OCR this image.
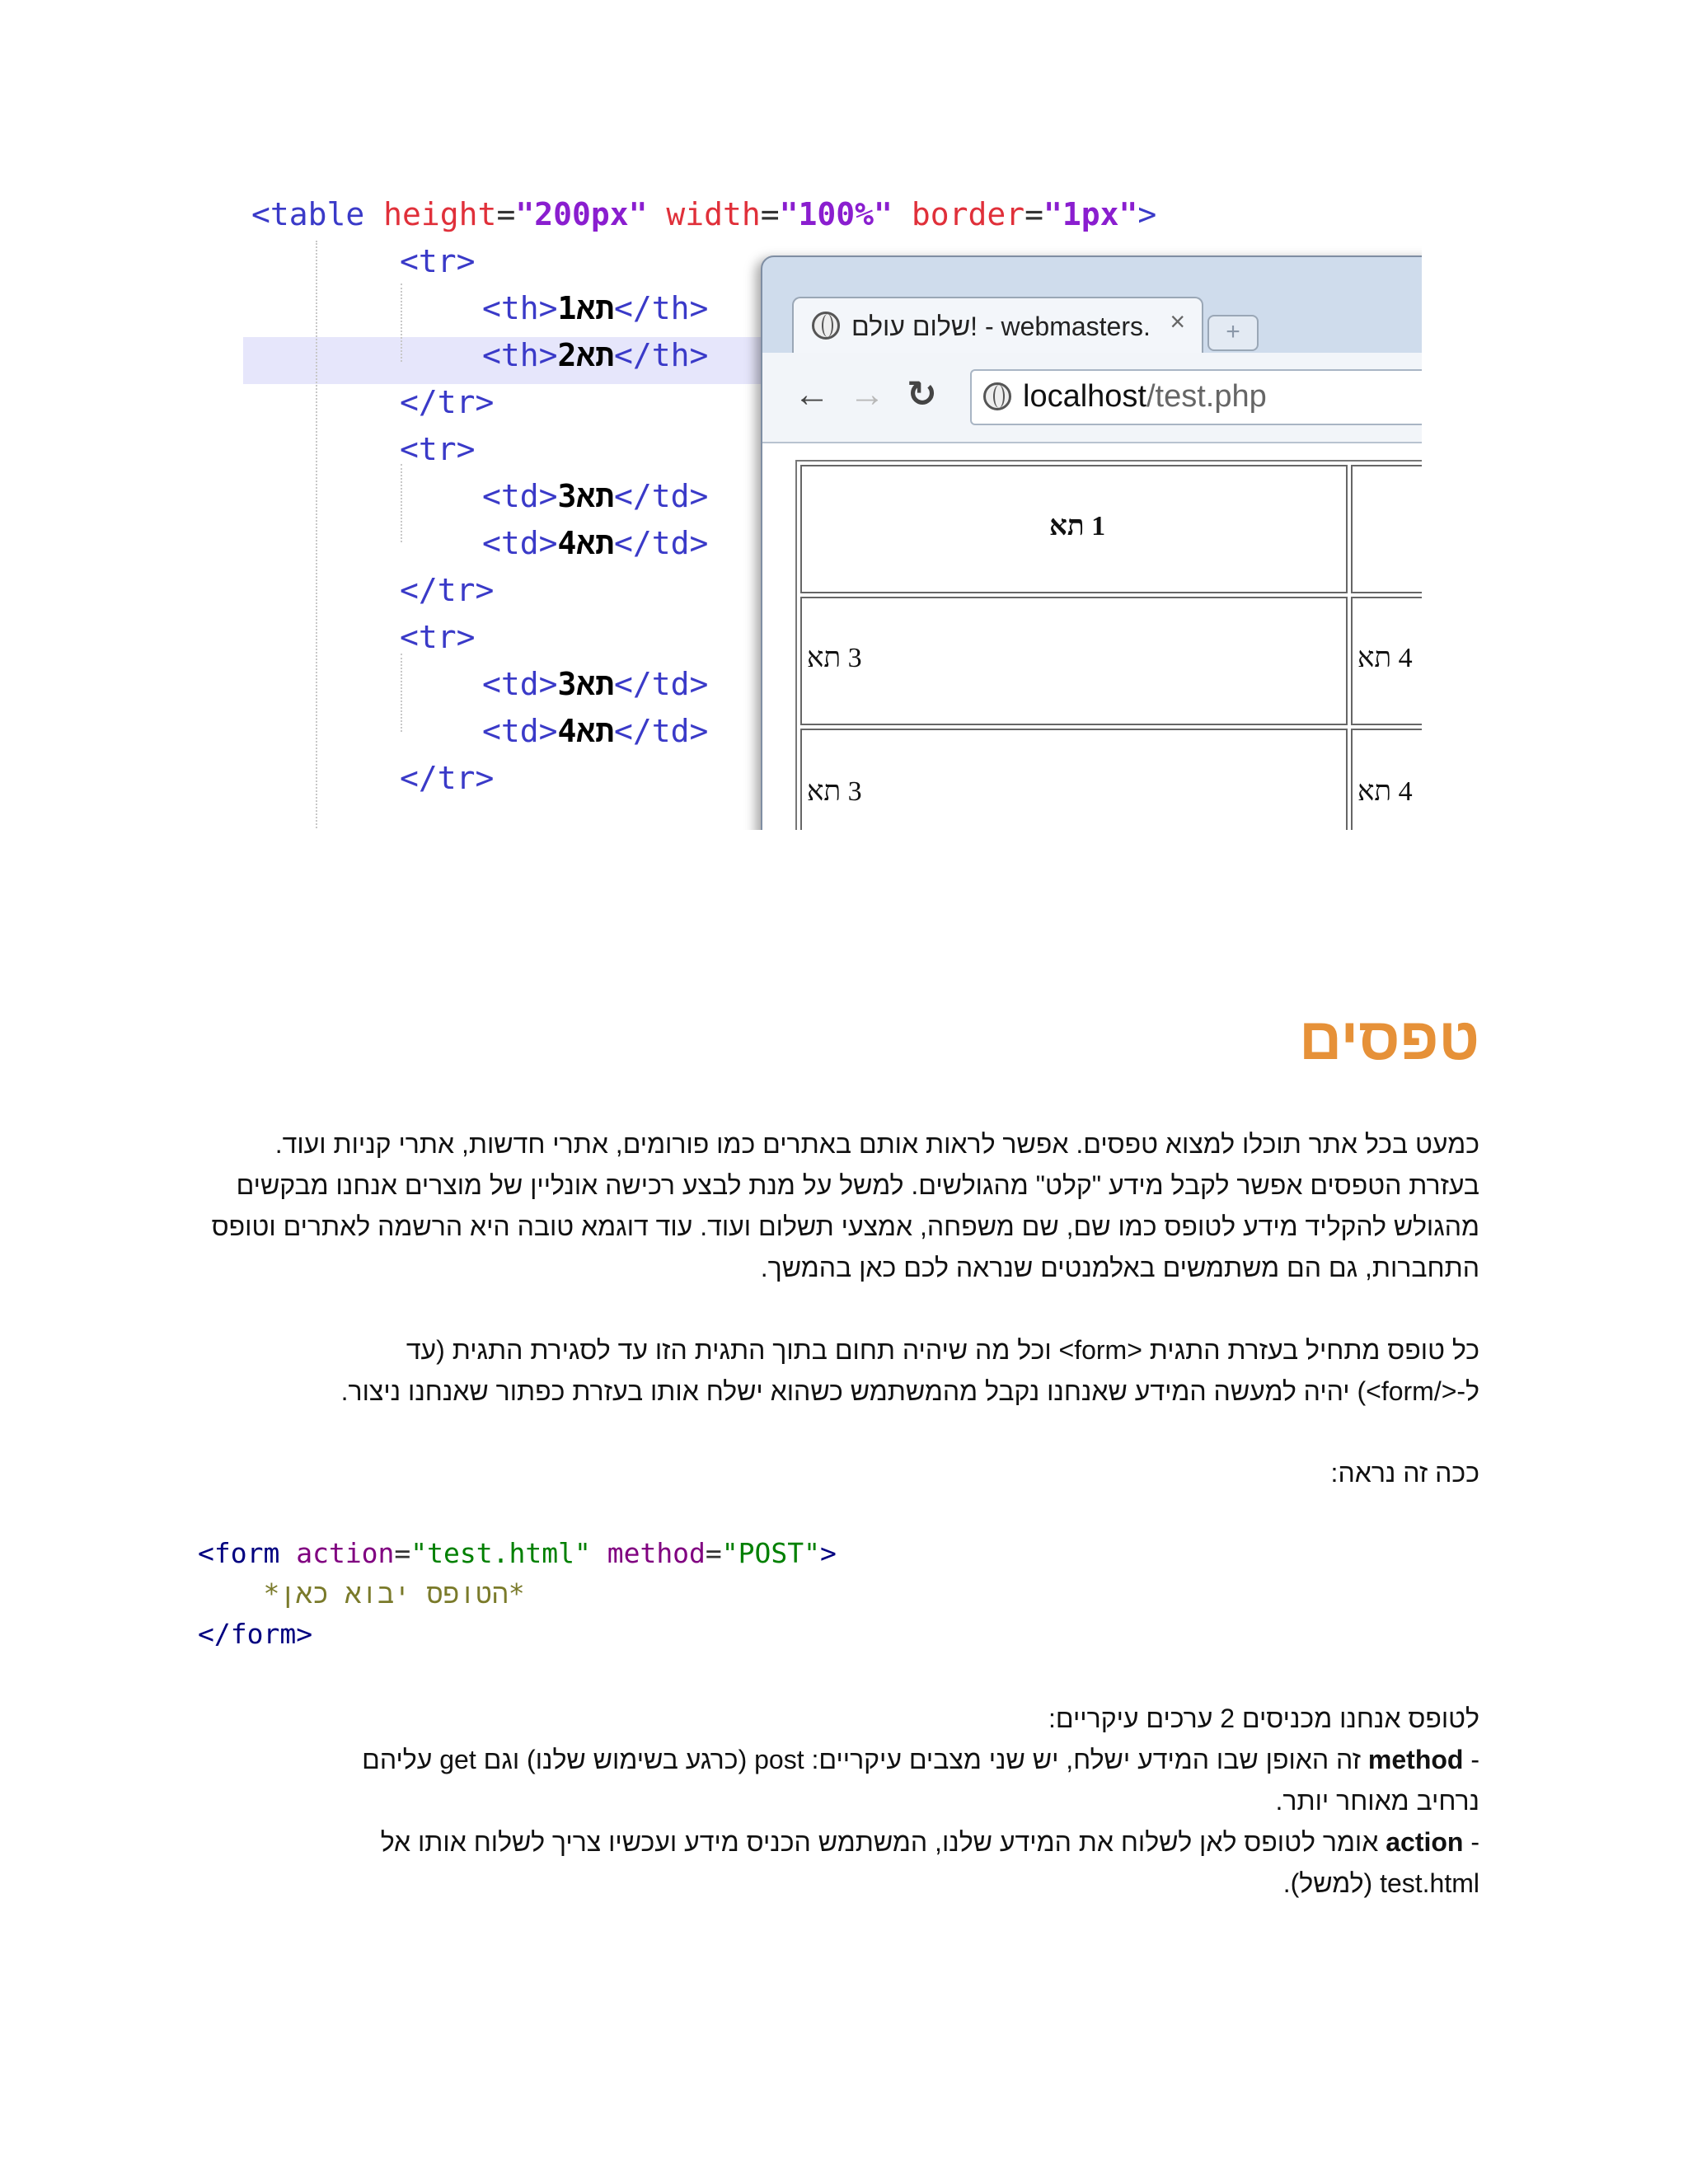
<table height="200px" width="100%" border="1px">
<tr>
<th>1את</th>
<th>2את</th>
</tr>
<tr>
<td>3את</td>
<td>4את</td>
</tr>
<tr>
<td>3את</td>
<td>4את</td>
</tr>
שלום עולם! - webmasters. ×	+
← → ↻	localhost/test.php
1 תא
3 תא	4 תא
3 תא	4 תא
טפסים
כמעט בכל אתר תוכלו למצוא טפסים. אפשר לראות אותם באתרים כמו פורומים, אתרי חדשות, אתרי קניות ועוד. בעזרת הטפסים אפשר לקבל מידע "קלט" מהגולשים. למשל על מנת לבצע רכישה אונליין של מוצרים אנחנו מבקשים מהגולש להקליד מידע לטופס כמו שם, שם משפחה, אמצעי תשלום ועוד. עוד דוגמא טובה היא הרשמה לאתרים וטופס התחברות, גם הם משתמשים באלמנטים שנראה לכם כאן בהמשך.
כל טופס מתחיל בעזרת התגית <form> וכל מה שיהיה תחום בתוך התגית הזו עד לסגירת התגית (עד
ל-</form>) יהיה למעשה המידע שאנחנו נקבל מהמשתמש כשהוא ישלח אותו בעזרת כפתור שאנחנו ניצור.
ככה זה נראה:
<form action="test.html" method="POST">
*הטופס יבוא כאן*
</form>
לטופס אנחנו מכניסים 2 ערכים עיקריים:
- method זה האופן שבו המידע ישלח, יש שני מצבים עיקריים: post (כרגע בשימוש שלנו) וגם get עליהם
נרחיב מאוחר יותר.
- action אומר לטופס לאן לשלוח את המידע שלנו, המשתמש הכניס מידע ועכשיו צריך לשלוח אותו אל
test.html (למשל).
